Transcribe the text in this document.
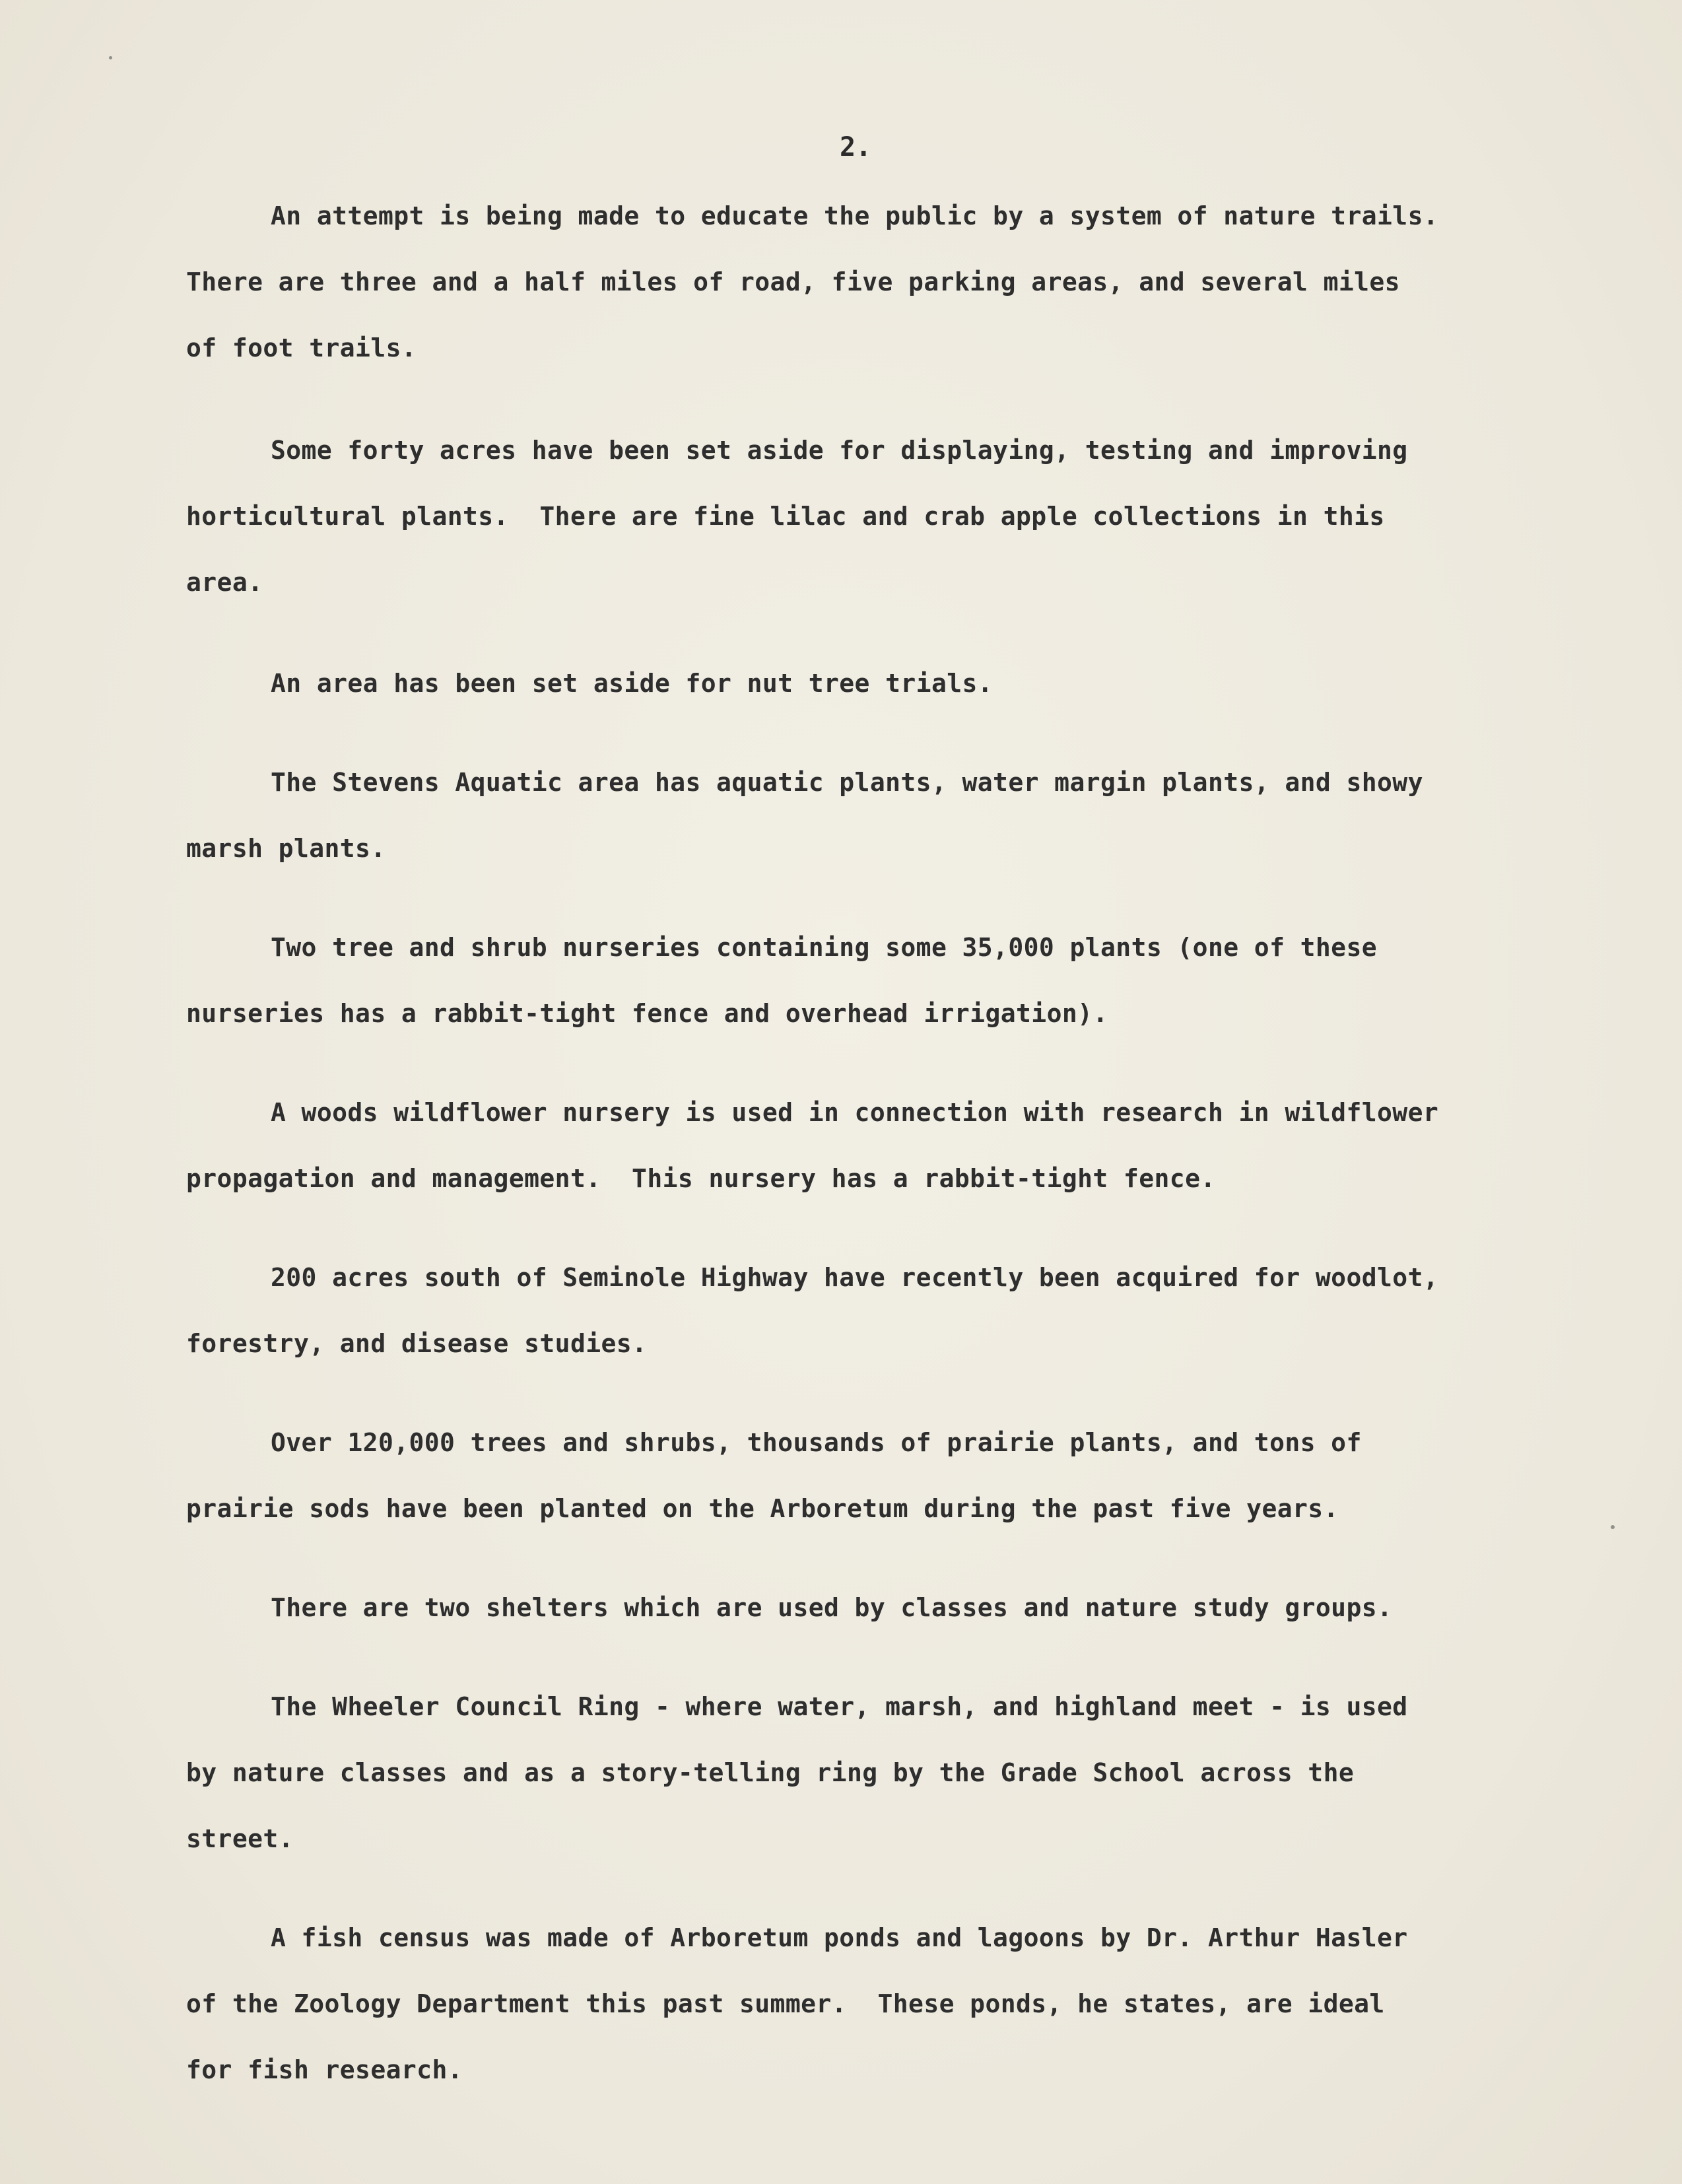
2.
An attempt is being made to educate the public by a system of nature trails.
There are three and a half miles of road, five parking areas, and several miles
of foot trails.
Some forty acres have been set aside for displaying, testing and improving
horticultural plants.  There are fine lilac and crab apple collections in this
area.
An area has been set aside for nut tree trials.
The Stevens Aquatic area has aquatic plants, water margin plants, and showy
marsh plants.
Two tree and shrub nurseries containing some 35,000 plants (one of these
nurseries has a rabbit-tight fence and overhead irrigation).
A woods wildflower nursery is used in connection with research in wildflower
propagation and management.  This nursery has a rabbit-tight fence.
200 acres south of Seminole Highway have recently been acquired for woodlot,
forestry, and disease studies.
Over 120,000 trees and shrubs, thousands of prairie plants, and tons of
prairie sods have been planted on the Arboretum during the past five years.
There are two shelters which are used by classes and nature study groups.
The Wheeler Council Ring - where water, marsh, and highland meet - is used
by nature classes and as a story-telling ring by the Grade School across the
street.
A fish census was made of Arboretum ponds and lagoons by Dr. Arthur Hasler
of the Zoology Department this past summer.  These ponds, he states, are ideal
for fish research.
